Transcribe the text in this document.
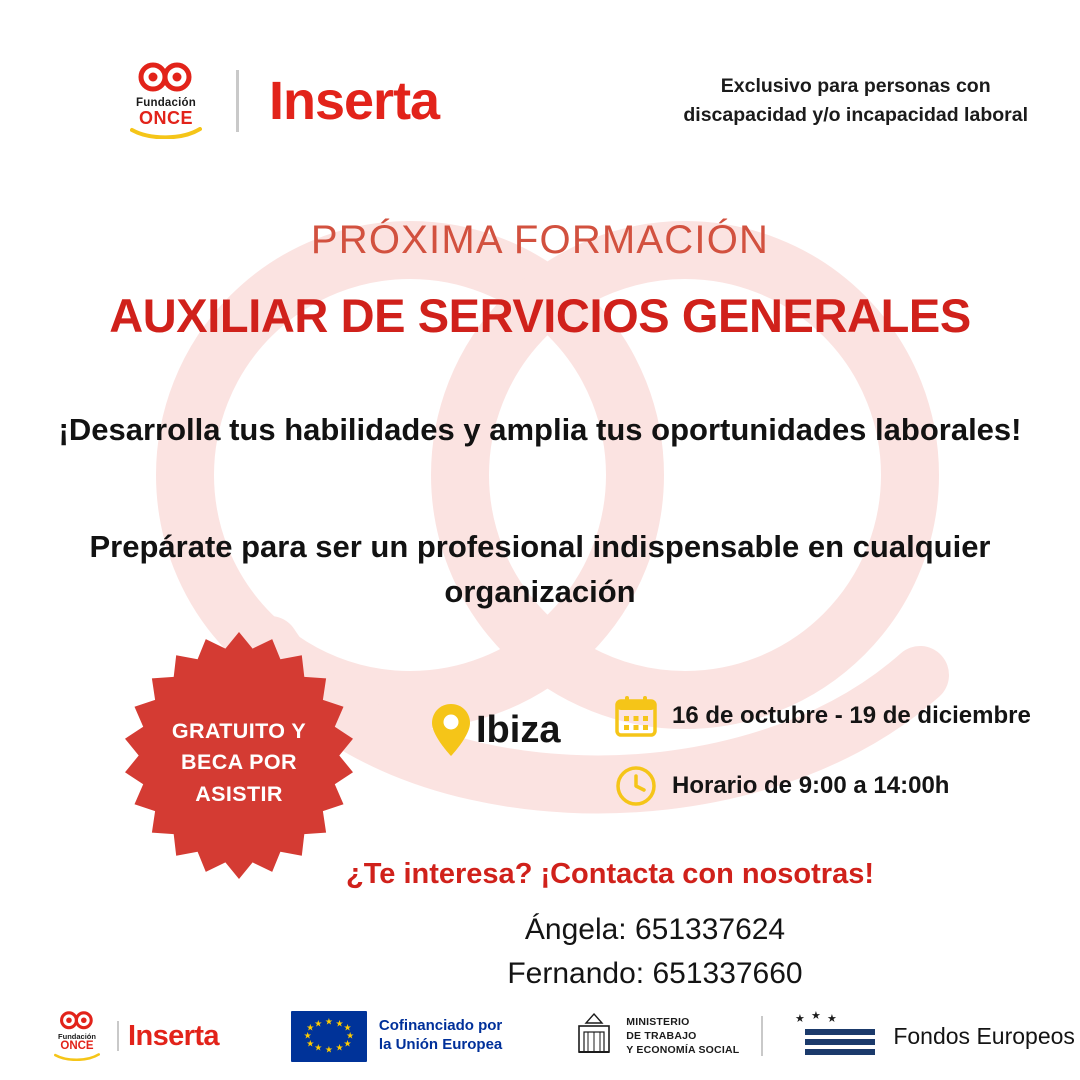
Fundación
ONCE Inserta	Exclusivo para personas con
discapacidad y/o incapacidad laboral
PRÓXIMA FORMACIÓN
AUXILIAR DE SERVICIOS GENERALES
¡Desarrolla tus habilidades y amplia tus oportunidades laborales!
Prepárate para ser un profesional indispensable en cualquier organización
GRATUITO Y
BECA POR
ASISTIR
Ibiza	16 de octubre - 19 de diciembre
Horario de 9:00 a 14:00h
¿Te interesa? ¡Contacta con nosotras!
Ángela: 651337624
Fernando: 651337660
Fundación
ONCE Inserta	★ ★ ★
★
★
★
★
★
★
★
★ ★	Cofinanciado por
la Unión Europea
MINISTERIO
DE TRABAJO
Y ECONOMÍA SOCIAL
★ ★ ★
Fondos Europeos
